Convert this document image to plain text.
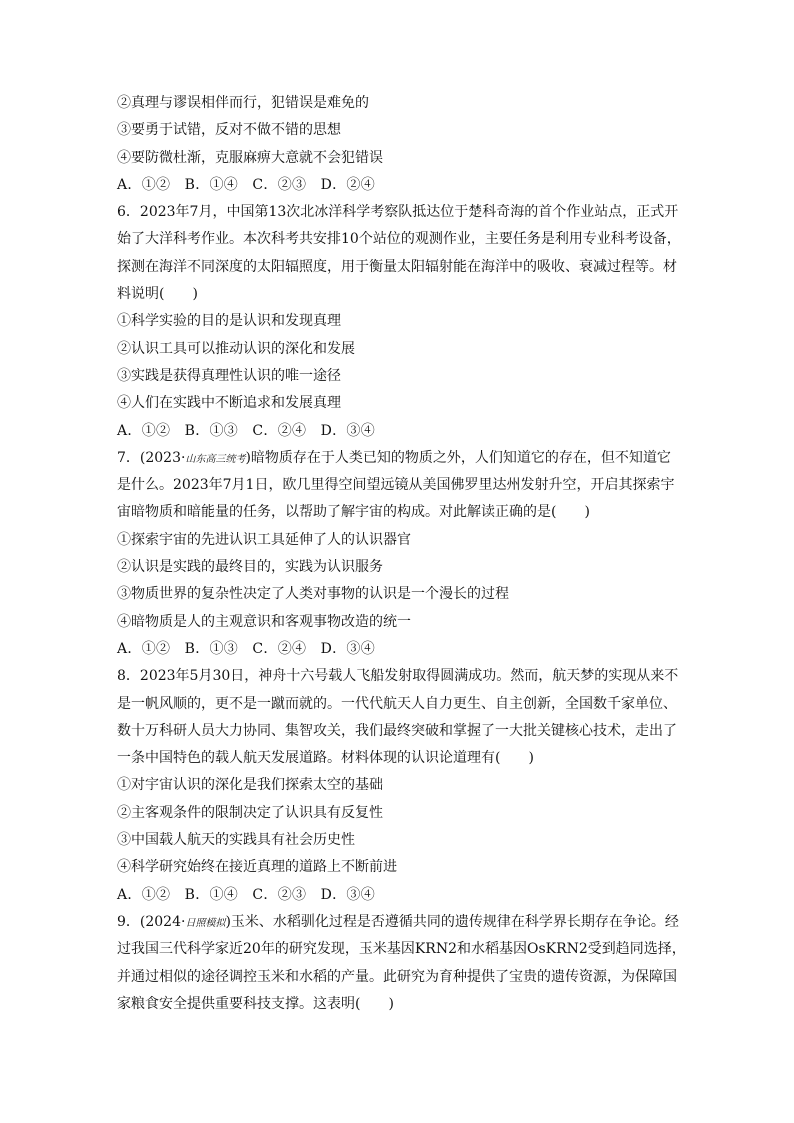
②真理与谬误相伴而行，犯错误是难免的
③要勇于试错，反对不做不错的思想
④要防微杜渐，克服麻痹大意就不会犯错误
A．①②　B．①④　C．②③　D．②④
6．2023年7月，中国第13次北冰洋科学考察队抵达位于楚科奇海的首个作业站点，正式开
始了大洋科考作业。本次科考共安排10个站位的观测作业，主要任务是利用专业科考设备，
探测在海洋不同深度的太阳辐照度，用于衡量太阳辐射能在海洋中的吸收、衰减过程等。材
料说明(　　)
①科学实验的目的是认识和发现真理
②认识工具可以推动认识的深化和发展
③实践是获得真理性认识的唯一途径
④人们在实践中不断追求和发展真理
A．①②　B．①③　C．②④　D．③④
7．(2023·山东高三统考)暗物质存在于人类已知的物质之外，人们知道它的存在，但不知道它
是什么。2023年7月1日，欧几里得空间望远镜从美国佛罗里达州发射升空，开启其探索宇
宙暗物质和暗能量的任务，以帮助了解宇宙的构成。对此解读正确的是(　　)
①探索宇宙的先进认识工具延伸了人的认识器官
②认识是实践的最终目的，实践为认识服务
③物质世界的复杂性决定了人类对事物的认识是一个漫长的过程
④暗物质是人的主观意识和客观事物改造的统一
A．①②　B．①③　C．②④　D．③④
8．2023年5月30日，神舟十六号载人飞船发射取得圆满成功。然而，航天梦的实现从来不
是一帆风顺的，更不是一蹴而就的。一代代航天人自力更生、自主创新，全国数千家单位、
数十万科研人员大力协同、集智攻关，我们最终突破和掌握了一大批关键核心技术，走出了
一条中国特色的载人航天发展道路。材料体现的认识论道理有(　　)
①对宇宙认识的深化是我们探索太空的基础
②主客观条件的限制决定了认识具有反复性
③中国载人航天的实践具有社会历史性
④科学研究始终在接近真理的道路上不断前进
A．①②　B．①④　C．②③　D．③④
9．(2024·日照模拟)玉米、水稻驯化过程是否遵循共同的遗传规律在科学界长期存在争论。经
过我国三代科学家近20年的研究发现，玉米基因KRN2和水稻基因OsKRN2受到趋同选择，
并通过相似的途径调控玉米和水稻的产量。此研究为育种提供了宝贵的遗传资源，为保障国
家粮食安全提供重要科技支撑。这表明(　　)
